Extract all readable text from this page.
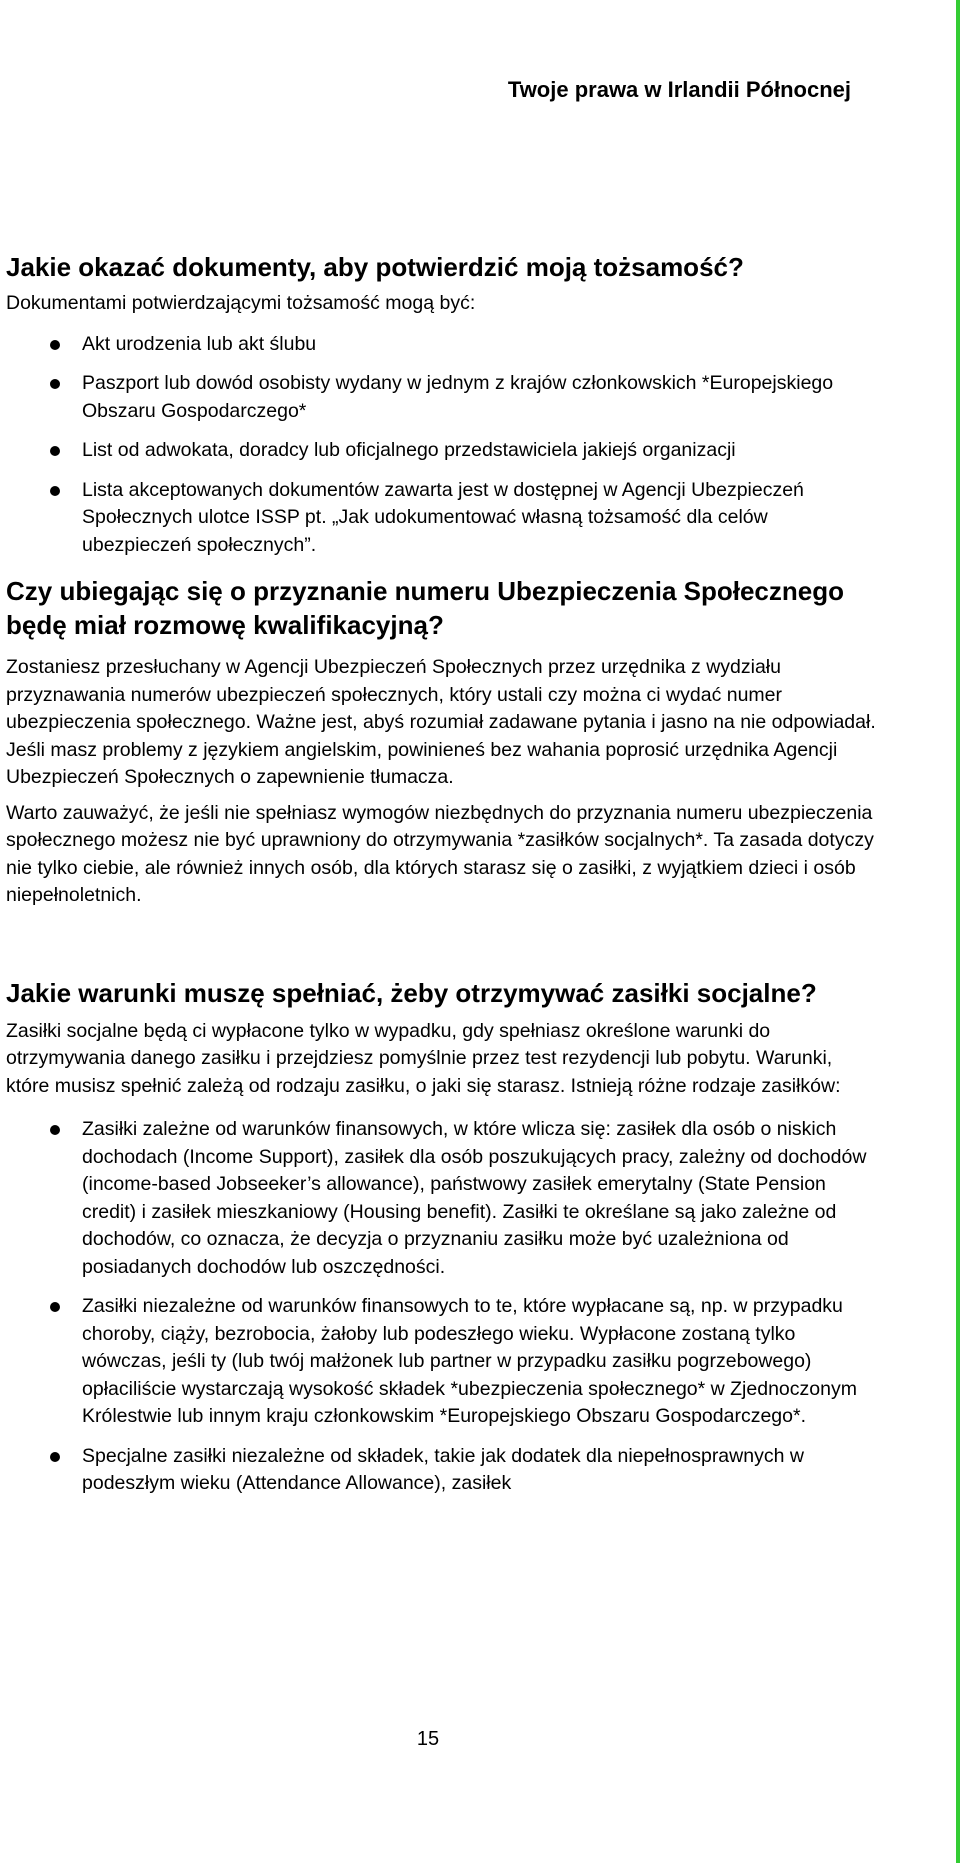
Twoje prawa w Irlandii Północnej
Jakie okazać dokumenty, aby potwierdzić moją tożsamość?

Dokumentami potwierdzającymi tożsamość mogą być:

Akt urodzenia lub akt ślubu
Paszport lub dowód osobisty wydany w jednym z krajów członkowskich *Europejskiego Obszaru Gospodarczego*
List od adwokata, doradcy lub oficjalnego przedstawiciela jakiejś organizacji
Lista akceptowanych dokumentów zawarta jest w dostępnej w Agencji Ubezpieczeń Społecznych ulotce ISSP pt. „Jak udokumentować własną tożsamość dla celów ubezpieczeń społecznych”.
Czy ubiegając się o przyznanie numeru Ubezpieczenia Społecznego będę miał rozmowę kwalifikacyjną?

Zostaniesz przesłuchany w Agencji Ubezpieczeń Społecznych przez urzędnika z wydziału przyznawania numerów ubezpieczeń społecznych, który ustali czy można ci wydać numer ubezpieczenia społecznego. Ważne jest, abyś rozumiał zadawane pytania i jasno na nie odpowiadał. Jeśli masz problemy z językiem angielskim, powinieneś bez wahania poprosić urzędnika Agencji Ubezpieczeń Społecznych o zapewnienie tłumacza.

Warto zauważyć, że jeśli nie spełniasz wymogów niezbędnych do przyznania numeru ubezpieczenia społecznego możesz nie być uprawniony do otrzymywania *zasiłków socjalnych*. Ta zasada dotyczy nie tylko ciebie, ale również innych osób, dla których starasz się o zasiłki, z wyjątkiem dzieci i osób niepełnoletnich.

Jakie warunki muszę spełniać, żeby otrzymywać zasiłki socjalne?

Zasiłki socjalne będą ci wypłacone tylko w wypadku, gdy spełniasz określone warunki do otrzymywania danego zasiłku i przejdziesz pomyślnie przez test rezydencji lub pobytu. Warunki, które musisz spełnić zależą od rodzaju zasiłku, o jaki się starasz. Istnieją różne rodzaje zasiłków:

Zasiłki zależne od warunków finansowych, w które wlicza się: zasiłek dla osób o niskich dochodach (Income Support), zasiłek dla osób poszukujących pracy, zależny od dochodów (income-based Jobseeker’s allowance), państwowy zasiłek emerytalny (State Pension credit) i zasiłek mieszkaniowy (Housing benefit). Zasiłki te określane są jako zależne od dochodów, co oznacza, że decyzja o przyznaniu zasiłku może być uzależniona od posiadanych dochodów lub oszczędności.
Zasiłki niezależne od warunków finansowych to te, które wypłacane są, np. w przypadku choroby, ciąży, bezrobocia, żałoby lub podeszłego wieku. Wypłacone zostaną tylko wówczas, jeśli ty (lub twój małżonek lub partner w przypadku zasiłku pogrzebowego) opłaciliście wystarczają wysokość składek *ubezpieczenia społecznego* w Zjednoczonym Królestwie lub innym kraju członkowskim *Europejskiego Obszaru Gospodarczego*.
Specjalne zasiłki niezależne od składek, takie jak dodatek dla niepełnosprawnych w podeszłym wieku (Attendance Allowance), zasiłek
15
